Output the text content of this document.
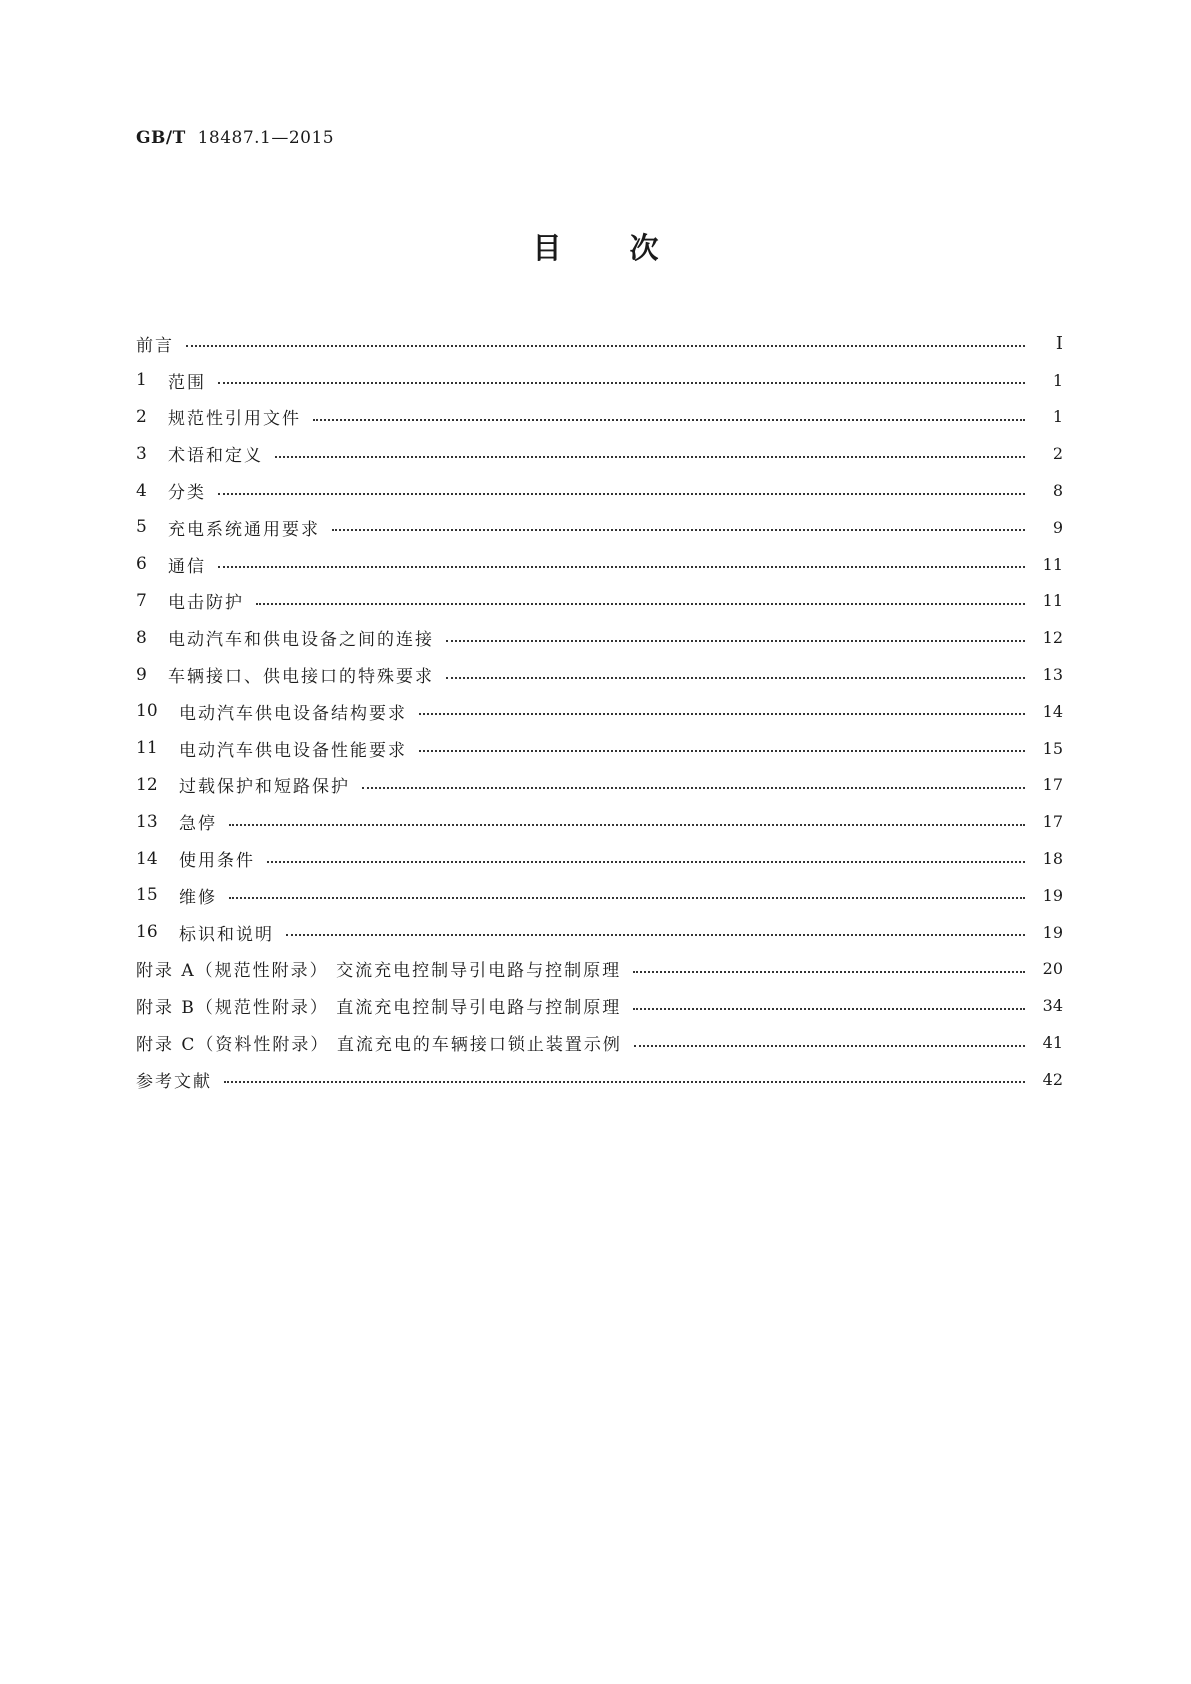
GB/T 18487.1—2015
目次
前言	Ⅰ
1	范围	1
2	规范性引用文件	1
3	术语和定义	2
4	分类	8
5	充电系统通用要求	9
6	通信	11
7	电击防护	11
8	电动汽车和供电设备之间的连接	12
9	车辆接口、供电接口的特殊要求	13
10	电动汽车供电设备结构要求	14
11	电动汽车供电设备性能要求	15
12	过载保护和短路保护	17
13	急停	17
14	使用条件	18
15	维修	19
16	标识和说明	19
附录 A（规范性附录） 交流充电控制导引电路与控制原理	20
附录 B（规范性附录） 直流充电控制导引电路与控制原理	34
附录 C（资料性附录） 直流充电的车辆接口锁止装置示例	41
参考文献	42
